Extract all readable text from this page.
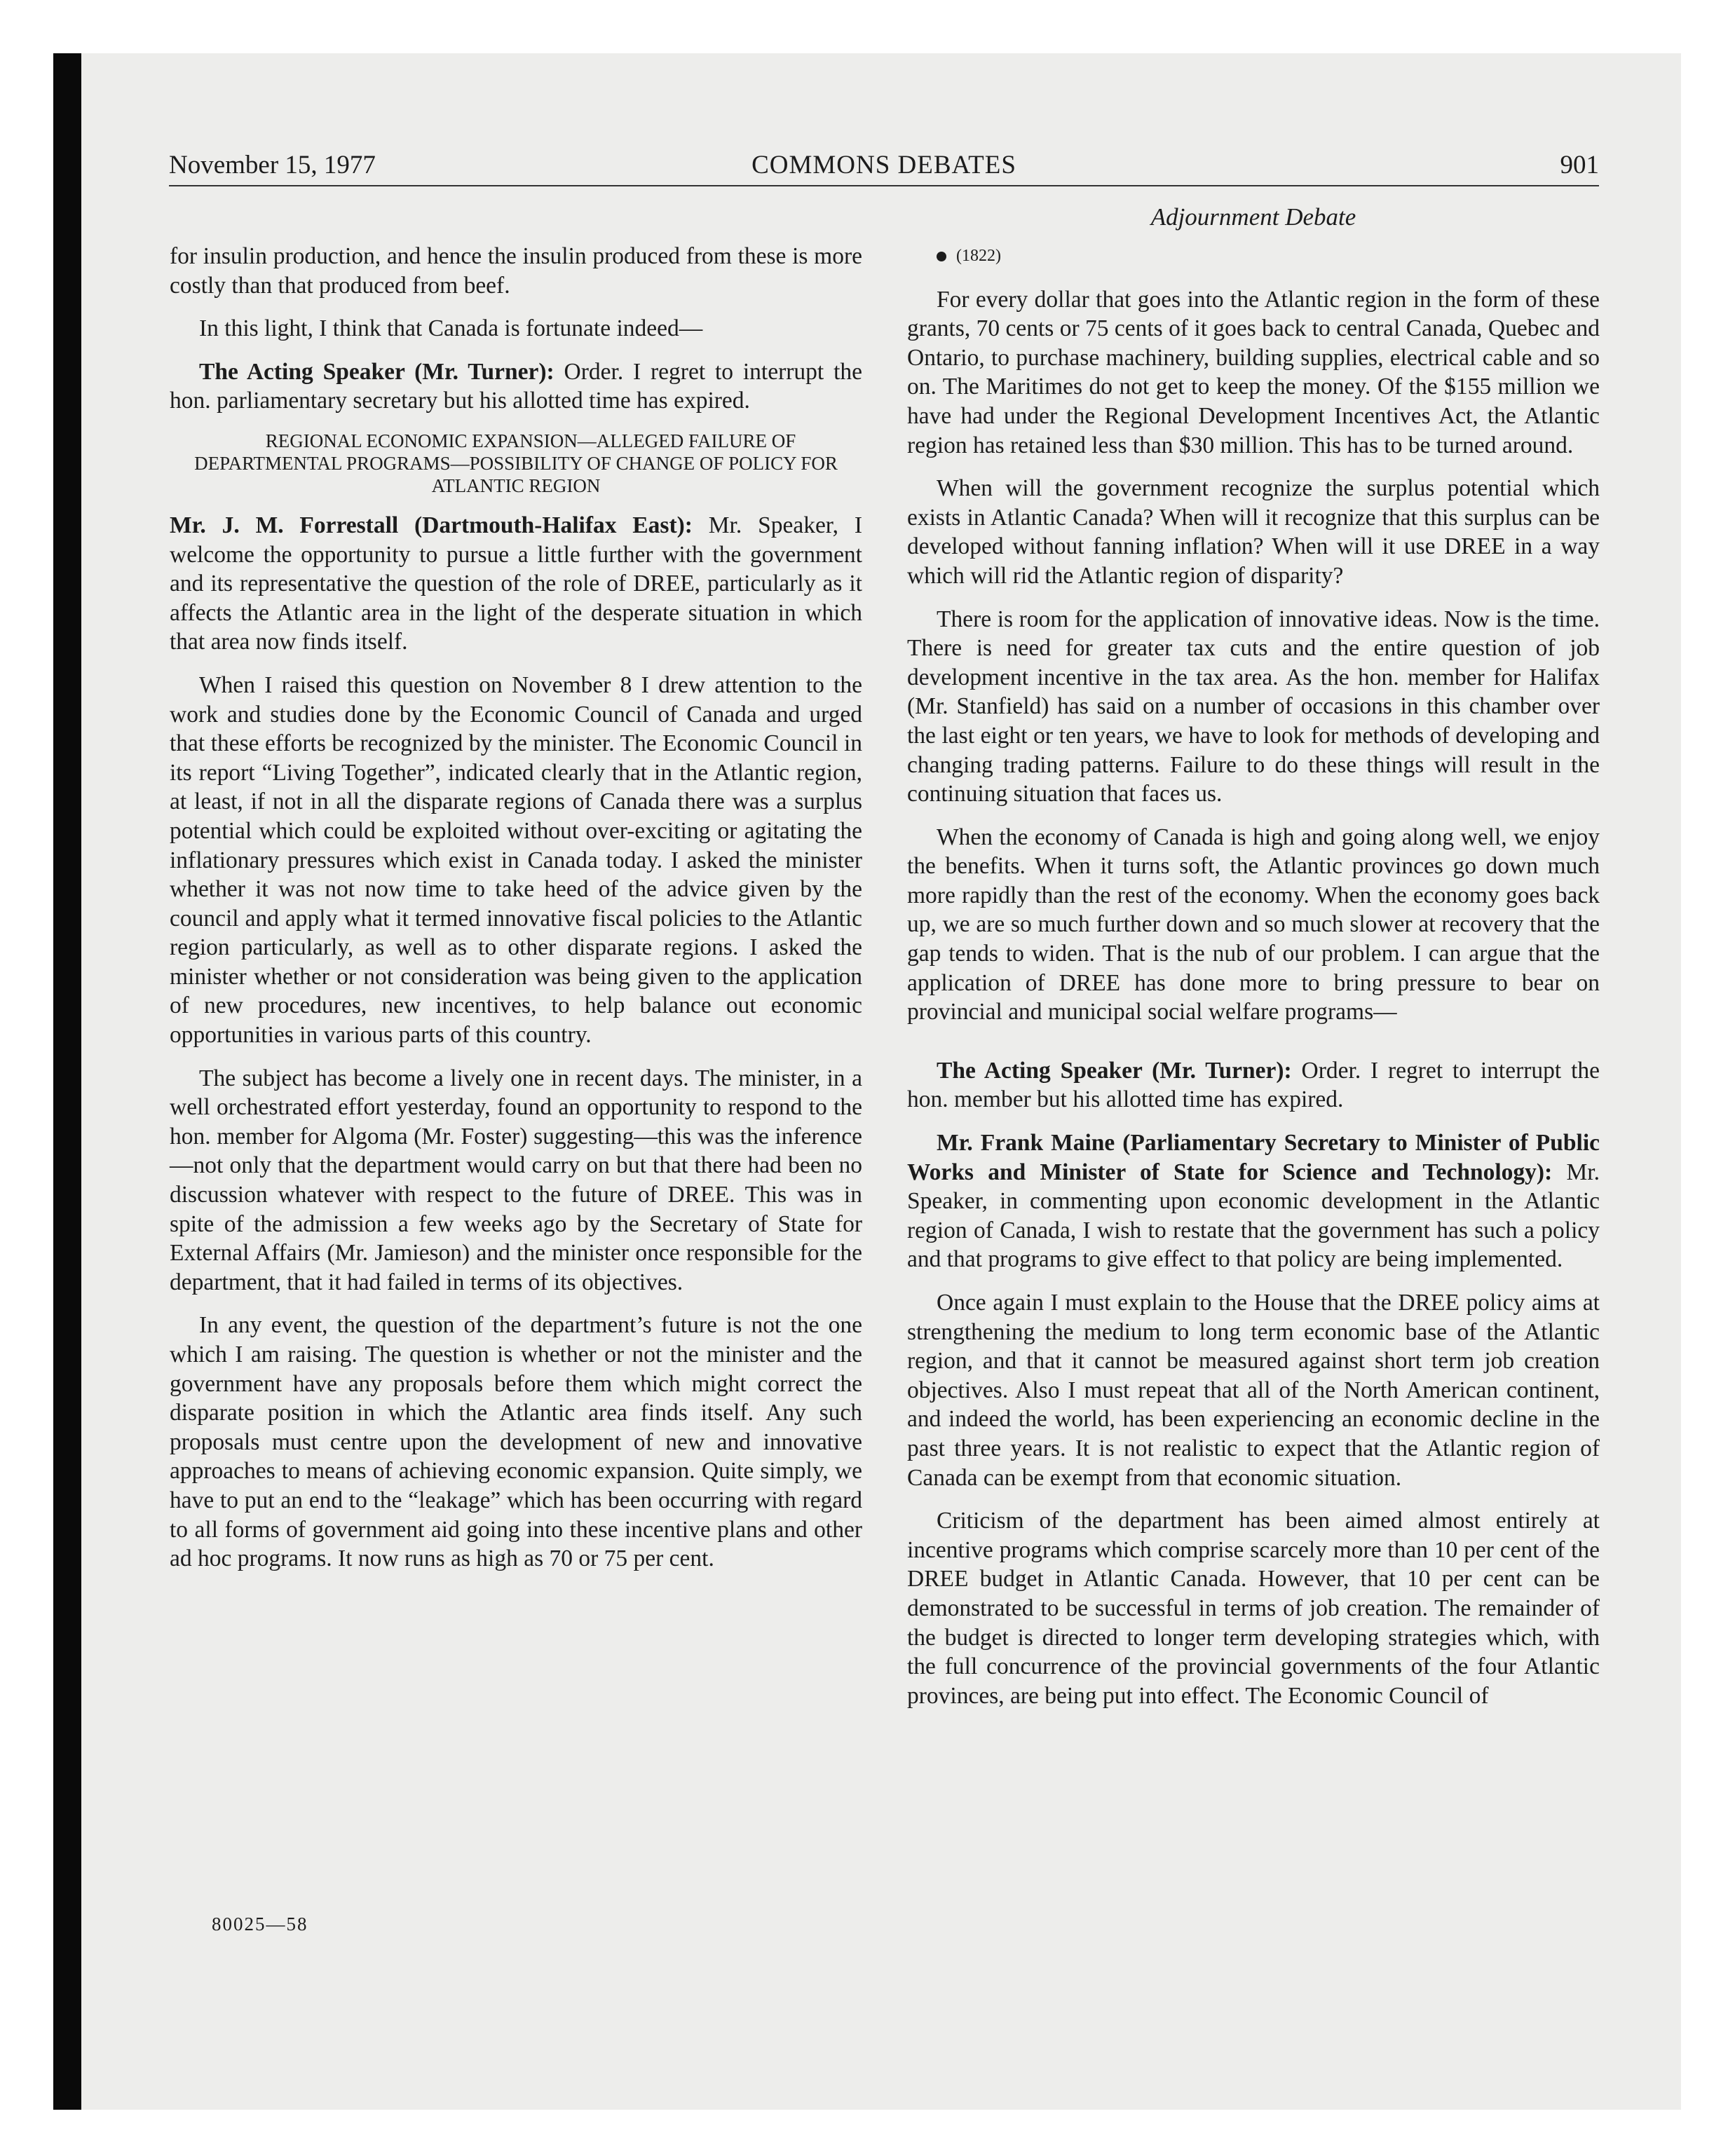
November 15, 1977	COMMONS DEBATES	901
Adjournment Debate

for insulin production, and hence the insulin produced from these is more costly than that produced from beef.

In this light, I think that Canada is fortunate indeed—

The Acting Speaker (Mr. Turner): Order. I regret to interrupt the hon. parliamentary secretary but his allotted time has expired.

REGIONAL ECONOMIC EXPANSION—ALLEGED FAILURE OF DEPARTMENTAL PROGRAMS—POSSIBILITY OF CHANGE OF POLICY FOR ATLANTIC REGION

Mr. J. M. Forrestall (Dartmouth-Halifax East): Mr. Speaker, I welcome the opportunity to pursue a little further with the government and its representative the question of the role of DREE, particularly as it affects the Atlantic area in the light of the desperate situation in which that area now finds itself.

When I raised this question on November 8 I drew attention to the work and studies done by the Economic Council of Canada and urged that these efforts be recognized by the minister. The Economic Council in its report “Living Together”, indicated clearly that in the Atlantic region, at least, if not in all the disparate regions of Canada there was a surplus potential which could be exploited without over-exciting or agitating the inflationary pressures which exist in Canada today. I asked the minister whether it was not now time to take heed of the advice given by the council and apply what it termed innovative fiscal policies to the Atlantic region particularly, as well as to other disparate regions. I asked the minister whether or not consideration was being given to the application of new procedures, new incentives, to help balance out economic opportunities in various parts of this country.

The subject has become a lively one in recent days. The minister, in a well orchestrated effort yesterday, found an opportunity to respond to the hon. member for Algoma (Mr. Foster) suggesting—this was the inference—not only that the department would carry on but that there had been no discussion whatever with respect to the future of DREE. This was in spite of the admission a few weeks ago by the Secretary of State for External Affairs (Mr. Jamieson) and the minister once responsible for the department, that it had failed in terms of its objectives.

In any event, the question of the department’s future is not the one which I am raising. The question is whether or not the minister and the government have any proposals before them which might correct the disparate position in which the Atlantic area finds itself. Any such proposals must centre upon the development of new and innovative approaches to means of achieving economic expansion. Quite simply, we have to put an end to the “leakage” which has been occurring with regard to all forms of government aid going into these incentive plans and other ad hoc programs. It now runs as high as 70 or 75 per cent.

(1822)

For every dollar that goes into the Atlantic region in the form of these grants, 70 cents or 75 cents of it goes back to central Canada, Quebec and Ontario, to purchase machinery, building supplies, electrical cable and so on. The Maritimes do not get to keep the money. Of the $155 million we have had under the Regional Development Incentives Act, the Atlantic region has retained less than $30 million. This has to be turned around.

When will the government recognize the surplus potential which exists in Atlantic Canada? When will it recognize that this surplus can be developed without fanning inflation? When will it use DREE in a way which will rid the Atlantic region of disparity?

There is room for the application of innovative ideas. Now is the time. There is need for greater tax cuts and the entire question of job development incentive in the tax area. As the hon. member for Halifax (Mr. Stanfield) has said on a number of occasions in this chamber over the last eight or ten years, we have to look for methods of developing and changing trading patterns. Failure to do these things will result in the continuing situation that faces us.

When the economy of Canada is high and going along well, we enjoy the benefits. When it turns soft, the Atlantic provinces go down much more rapidly than the rest of the economy. When the economy goes back up, we are so much further down and so much slower at recovery that the gap tends to widen. That is the nub of our problem. I can argue that the application of DREE has done more to bring pressure to bear on provincial and municipal social welfare programs—

The Acting Speaker (Mr. Turner): Order. I regret to interrupt the hon. member but his allotted time has expired.

Mr. Frank Maine (Parliamentary Secretary to Minister of Public Works and Minister of State for Science and Technology): Mr. Speaker, in commenting upon economic development in the Atlantic region of Canada, I wish to restate that the government has such a policy and that programs to give effect to that policy are being implemented.

Once again I must explain to the House that the DREE policy aims at strengthening the medium to long term economic base of the Atlantic region, and that it cannot be measured against short term job creation objectives. Also I must repeat that all of the North American continent, and indeed the world, has been experiencing an economic decline in the past three years. It is not realistic to expect that the Atlantic region of Canada can be exempt from that economic situation.

Criticism of the department has been aimed almost entirely at incentive programs which comprise scarcely more than 10 per cent of the DREE budget in Atlantic Canada. However, that 10 per cent can be demonstrated to be successful in terms of job creation. The remainder of the budget is directed to longer term developing strategies which, with the full concurrence of the provincial governments of the four Atlantic provinces, are being put into effect. The Economic Council of

80025—58
